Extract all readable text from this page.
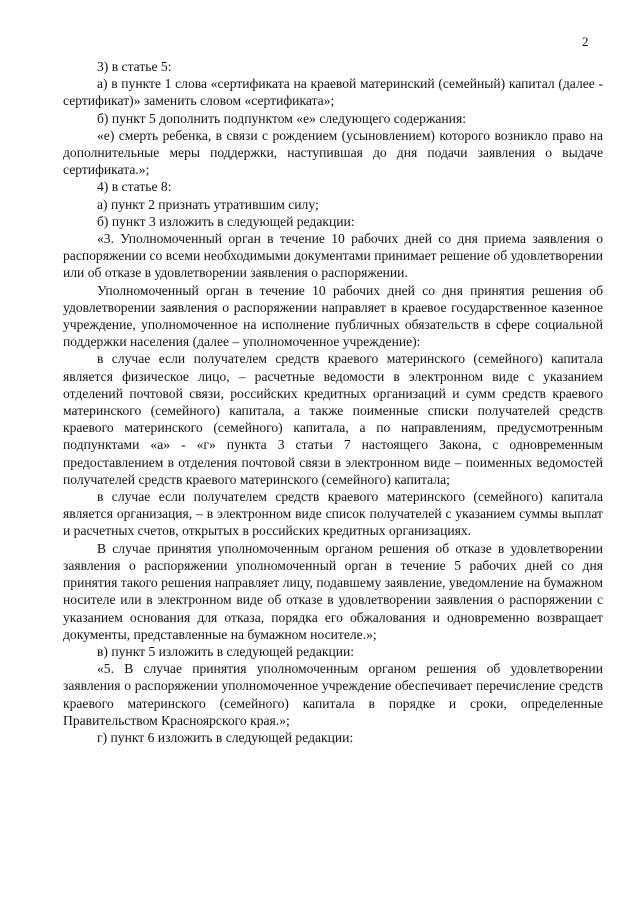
2

3) в статье 5:

а) в пункте 1 слова «сертификата на краевой материнский (семейный) капитал (далее - сертификат)» заменить словом «сертификата»;

б) пункт 5 дополнить подпунктом «е» следующего содержания:

«е) смерть ребенка, в связи с рождением (усыновлением) которого возникло право на дополнительные меры поддержки, наступившая до дня подачи заявления о выдаче сертификата.»;

4) в статье 8:

а) пункт 2 признать утратившим силу;

б) пункт 3 изложить в следующей редакции:

«3. Уполномоченный орган в течение 10 рабочих дней со дня приема заявления о распоряжении со всеми необходимыми документами принимает решение об удовлетворении или об отказе в удовлетворении заявления о распоряжении.

Уполномоченный орган в течение 10 рабочих дней со дня принятия решения об удовлетворении заявления о распоряжении направляет в краевое государственное казенное учреждение, уполномоченное на исполнение публичных обязательств в сфере социальной поддержки населения (далее – уполномоченное учреждение):

в случае если получателем средств краевого материнского (семейного) капитала является физическое лицо, – расчетные ведомости в электронном виде с указанием отделений почтовой связи, российских кредитных организаций и сумм средств краевого материнского (семейного) капитала, а также поименные списки получателей средств краевого материнского (семейного) капитала, а по направлениям, предусмотренным подпунктами «а» - «г» пункта 3 статьи 7 настоящего Закона, с одновременным предоставлением в отделения почтовой связи в электронном виде – поименных ведомостей получателей средств краевого материнского (семейного) капитала;

в случае если получателем средств краевого материнского (семейного) капитала является организация, – в электронном виде список получателей с указанием суммы выплат и расчетных счетов, открытых в российских кредитных организациях.

В случае принятия уполномоченным органом решения об отказе в удовлетворении заявления о распоряжении уполномоченный орган в течение 5 рабочих дней со дня принятия такого решения направляет лицу, подавшему заявление, уведомление на бумажном носителе или в электронном виде об отказе в удовлетворении заявления о распоряжении с указанием основания для отказа, порядка его обжалования и одновременно возвращает документы, представленные на бумажном носителе.»;

в) пункт 5 изложить в следующей редакции:

«5. В случае принятия уполномоченным органом решения об удовлетворении заявления о распоряжении уполномоченное учреждение обеспечивает перечисление средств краевого материнского (семейного) капитала в порядке и сроки, определенные Правительством Красноярского края.»;

г) пункт 6 изложить в следующей редакции:
